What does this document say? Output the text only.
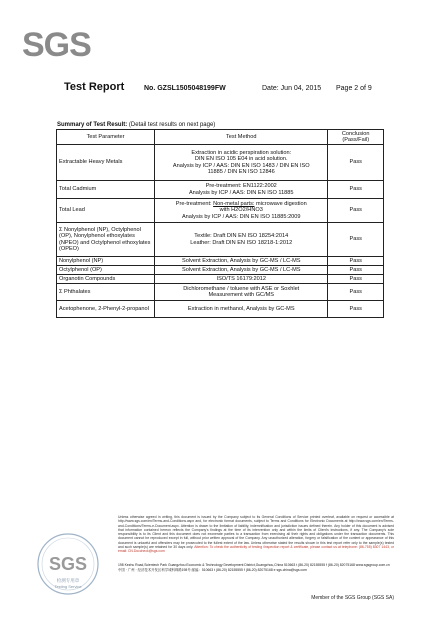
SGS
Test Report	No. GZSL1505048199FW	Date: Jun 04, 2015 Page 2 of 9
Summary of Test Result: (Detail test results on next page)
Test Parameter	Test Method	Conclusion (Pass/Fail)
Extractable Heavy Metals	Extraction in acidic perspiration solution:
DIN EN ISO 105 E04 in acid solution.
Analysis by ICP / AAS: DIN EN ISO 1483 / DIN EN ISO
11885 / DIN EN ISO 12846	Pass
Total Cadmium	Pre-treatment: EN1122:2002
Analysis by ICP / AAS: DIN EN ISO 11885	Pass
Total Lead	Pre-treatment: Non-metal parts: microwave digestion
with H2O2/HNO3
Analysis by ICP / AAS: DIN EN ISO 11885:2009	Pass
Σ Nonylphenol (NP), Octylphenol (OP), Nonylphenol ethoxylates (NPEO) and Octylphenol ethoxylates (OPEO)	Textile: Draft DIN EN ISO 18254:2014
Leather: Draft DIN EN ISO 18218-1:2012	Pass
Nonylphenol (NP)	Solvent Extraction, Analysis by GC-MS / LC-MS	Pass
Octylphenol (OP)	Solvent Extraction, Analysis by GC-MS / LC-MS	Pass
Organotin Compounds	ISO/TS 16179:2012	Pass
Σ Phthalates	Dichloromethane / toluene with ASE or Soxhlet
Measurement with GC/MS	Pass
Acetophenone, 2-Phenyl-2-propanol	Extraction in methanol, Analysis by GC-MS	Pass
SGS
检测专用章
Testing Service
Unless otherwise agreed in writing, this document is issued by the Company subject to its General Conditions of Service printed overleaf, available on request or accessible at http://www.sgs.com/en/Terms-and-Conditions.aspx and, for electronic format documents, subject to Terms and Conditions for Electronic Documents at http://www.sgs.com/en/Terms-and-Conditions/Terms-e-Document.aspx. Attention is drawn to the limitation of liability, indemnification and jurisdiction issues defined therein. Any holder of this document is advised that information contained hereon reflects the Company's findings at the time of its intervention only and within the limits of Client's instructions, if any. The Company's sole responsibility is to its Client and this document does not exonerate parties to a transaction from exercising all their rights and obligations under the transaction documents. This document cannot be reproduced except in full, without prior written approval of the Company. Any unauthorized alteration, forgery or falsification of the content or appearance of this document is unlawful and offenders may be prosecuted to the fullest extent of the law. Unless otherwise stated the results shown in this test report refer only to the sample(s) tested and such sample(s) are retained for 30 days only. Attention: To check the authenticity of testing /inspection report & certificate, please contact us at telephone: (86-755) 8307 1443, or email: CN.Doccheck@sgs.com
198 Kezhu Road,Scientech Park Guangzhou Economic & Technology Development District,Guangzhou,China 510663 t (86-20) 82155555 f (86-20) 82075168 www.sgsgroup.com.cn
中国 · 广州 · 经济技术开发区科学城科珠路198号 邮编：510663 t (86-20) 82155555 f (86-20) 82075168 e sgs.china@sgs.com
Member of the SGS Group (SGS SA)
